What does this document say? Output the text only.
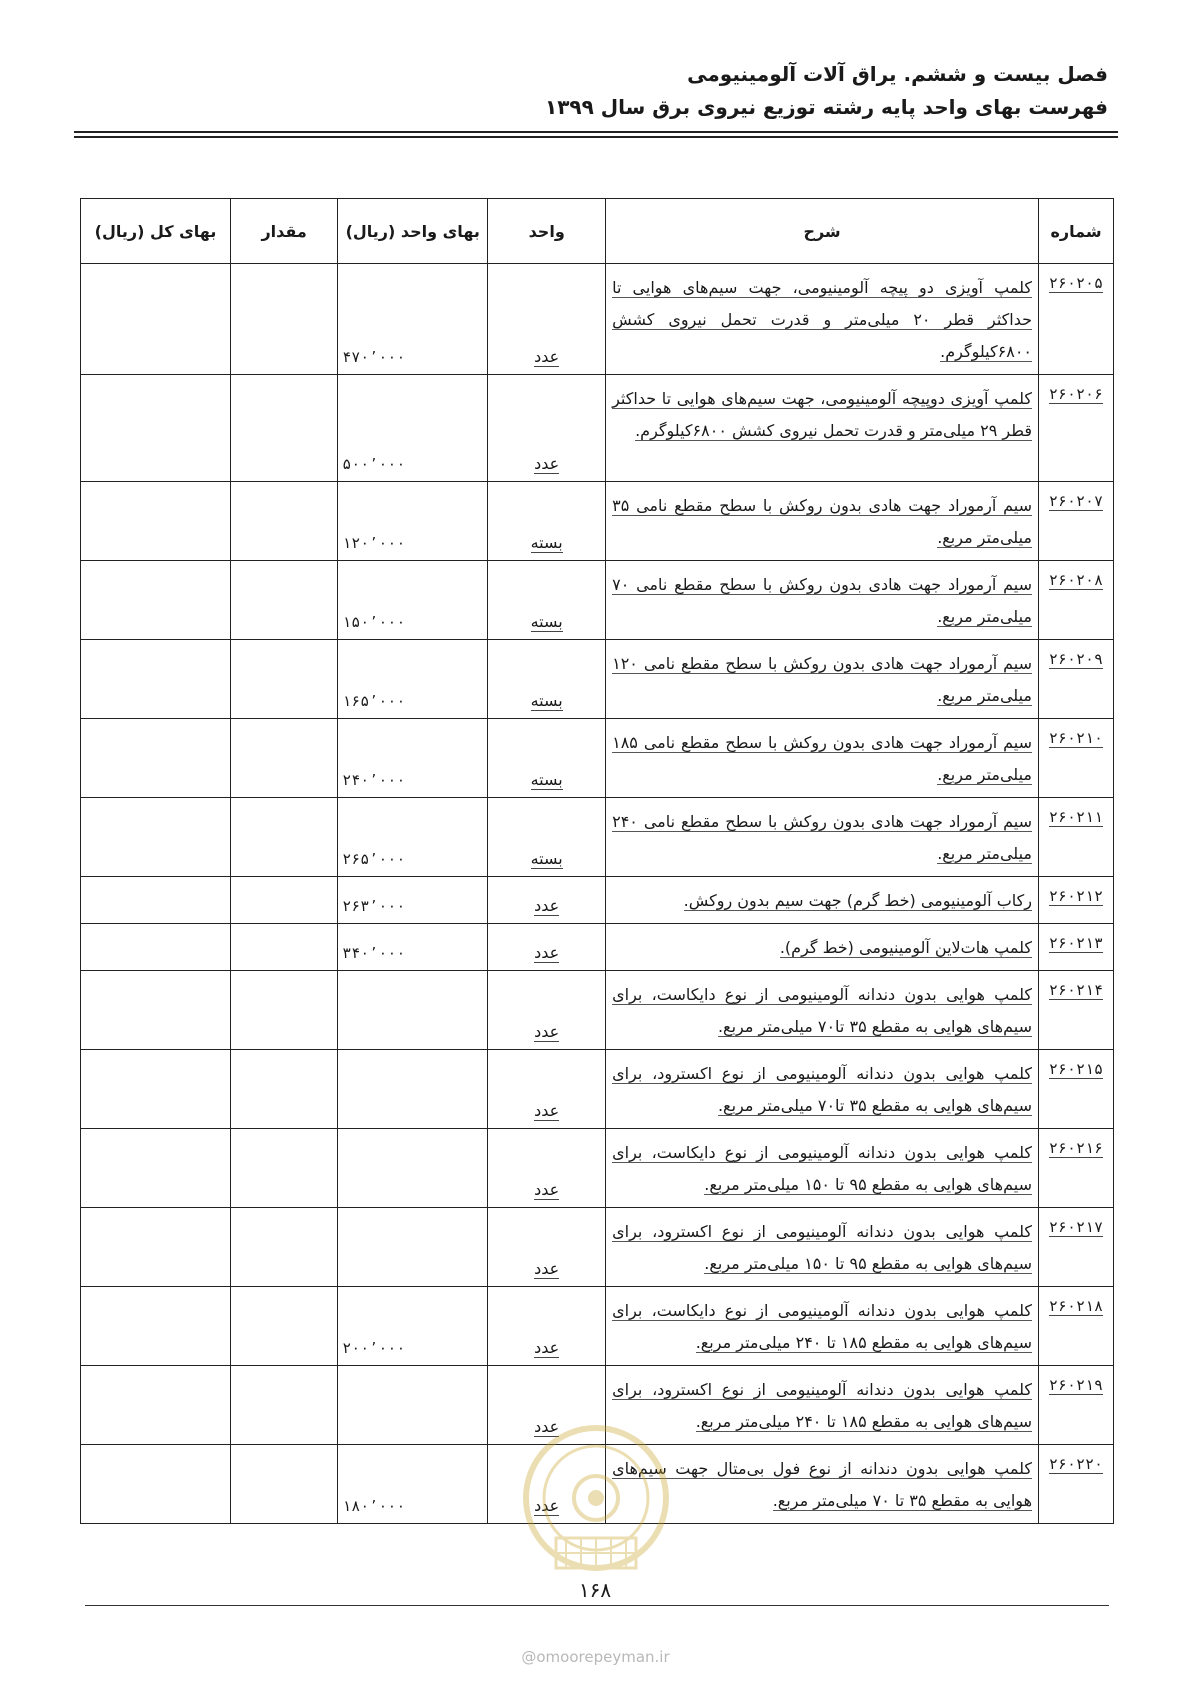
فصل بیست و ششم. یراق آلات آلومینیومی
فهرست بهای واحد پایه رشته توزیع نیروی برق سال ۱۳۹۹
شماره	شرح	واحد	بهای واحد (ریال)	مقدار	بهای کل (ریال)
۲۶۰۲۰۵	کلمپ آویزی دو پیچه آلومینیومی، جهت سیم‌های هوایی تا حداکثر قطر ۲۰ میلی‌متر و قدرت تحمل نیروی کشش ۶۸۰۰کیلوگرم.	عدد	۴۷۰٬۰۰۰		
۲۶۰۲۰۶	کلمپ آویزی دوپیچه آلومینیومی، جهت سیم‌های هوایی تا حداکثر قطر ۲۹ میلی‌متر و قدرت تحمل نیروی کشش ۶۸۰۰کیلوگرم.	عدد	۵۰۰٬۰۰۰		
۲۶۰۲۰۷	سیم آرموراد جهت هادی بدون روکش با سطح مقطع نامی ۳۵ میلی‌متر مربع.	بسته	۱۲۰٬۰۰۰		
۲۶۰۲۰۸	سیم آرموراد جهت هادی بدون روکش با سطح مقطع نامی ۷۰ میلی‌متر مربع.	بسته	۱۵۰٬۰۰۰		
۲۶۰۲۰۹	سیم آرموراد جهت هادی بدون روکش با سطح مقطع نامی ۱۲۰ میلی‌متر مربع.	بسته	۱۶۵٬۰۰۰		
۲۶۰۲۱۰	سیم آرموراد جهت هادی بدون روکش با سطح مقطع نامی ۱۸۵ میلی‌متر مربع.	بسته	۲۴۰٬۰۰۰		
۲۶۰۲۱۱	سیم آرموراد جهت هادی بدون روکش با سطح مقطع نامی ۲۴۰ میلی‌متر مربع.	بسته	۲۶۵٬۰۰۰		
۲۶۰۲۱۲	رکاب آلومینیومی (خط گرم) جهت سیم بدون روکش.	عدد	۲۶۳٬۰۰۰		
۲۶۰۲۱۳	کلمپ هات‌لاین آلومینیومی (خط گرم).	عدد	۳۴۰٬۰۰۰		
۲۶۰۲۱۴	کلمپ هوایی بدون دندانه آلومینیومی از نوع دایکاست، برای سیم‌های هوایی به مقطع ۳۵ تا۷۰ میلی‌متر مربع.	عدد			
۲۶۰۲۱۵	کلمپ هوایی بدون دندانه آلومینیومی از نوع اکسترود، برای سیم‌های هوایی به مقطع ۳۵ تا۷۰ میلی‌متر مربع.	عدد			
۲۶۰۲۱۶	کلمپ هوایی بدون دندانه آلومینیومی از نوع دایکاست، برای سیم‌های هوایی به مقطع ۹۵ تا ۱۵۰ میلی‌متر مربع.	عدد			
۲۶۰۲۱۷	کلمپ هوایی بدون دندانه آلومینیومی از نوع اکسترود، برای سیم‌های هوایی به مقطع ۹۵ تا ۱۵۰ میلی‌متر مربع.	عدد			
۲۶۰۲۱۸	کلمپ هوایی بدون دندانه آلومینیومی از نوع دایکاست، برای سیم‌های هوایی به مقطع ۱۸۵ تا ۲۴۰ میلی‌متر مربع.	عدد	۲۰۰٬۰۰۰		
۲۶۰۲۱۹	کلمپ هوایی بدون دندانه آلومینیومی از نوع اکسترود، برای سیم‌های هوایی به مقطع ۱۸۵ تا ۲۴۰ میلی‌متر مربع.	عدد			
۲۶۰۲۲۰	کلمپ هوایی بدون دندانه از نوع فول بی‌متال جهت سیم‌های هوایی به مقطع ۳۵ تا ۷۰ میلی‌متر مربع.	عدد	۱۸۰٬۰۰۰		
۱۶۸
@omoorepeyman.ir
